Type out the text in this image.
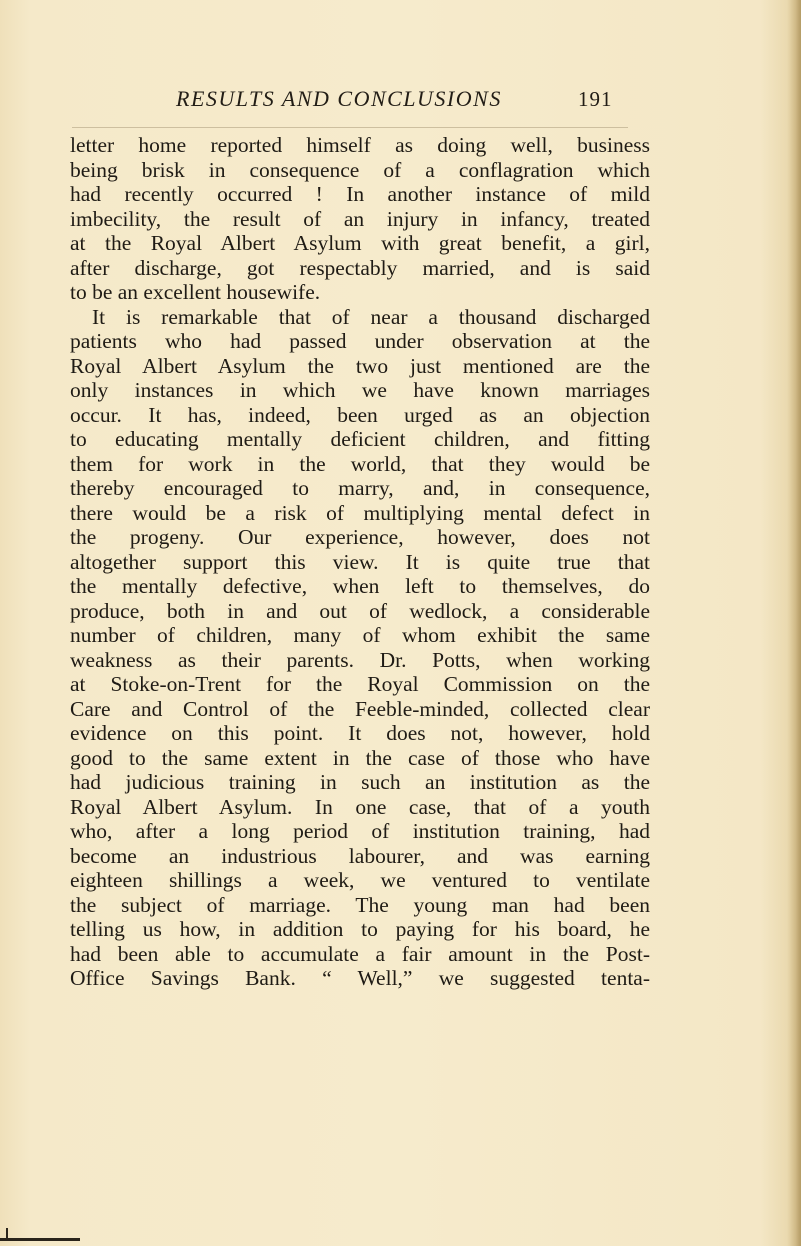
RESULTS AND CONCLUSIONS	191
letter home reported himself as doing well, business
being brisk in consequence of a conflagration which
had recently occurred ! In another instance of mild
imbecility, the result of an injury in infancy, treated
at the Royal Albert Asylum with great benefit, a girl,
after discharge, got respectably married, and is said
to be an excellent housewife.
It is remarkable that of near a thousand discharged
patients who had passed under observation at the
Royal Albert Asylum the two just mentioned are the
only instances in which we have known marriages
occur. It has, indeed, been urged as an objection
to educating mentally deficient children, and fitting
them for work in the world, that they would be
thereby encouraged to marry, and, in consequence,
there would be a risk of multiplying mental defect in
the progeny. Our experience, however, does not
altogether support this view. It is quite true that
the mentally defective, when left to themselves, do
produce, both in and out of wedlock, a considerable
number of children, many of whom exhibit the same
weakness as their parents. Dr. Potts, when working
at Stoke-on-Trent for the Royal Commission on the
Care and Control of the Feeble-minded, collected clear
evidence on this point. It does not, however, hold
good to the same extent in the case of those who have
had judicious training in such an institution as the
Royal Albert Asylum. In one case, that of a youth
who, after a long period of institution training, had
become an industrious labourer, and was earning
eighteen shillings a week, we ventured to ventilate
the subject of marriage. The young man had been
telling us how, in addition to paying for his board, he
had been able to accumulate a fair amount in the Post-
Office Savings Bank. “ Well,” we suggested tenta-
